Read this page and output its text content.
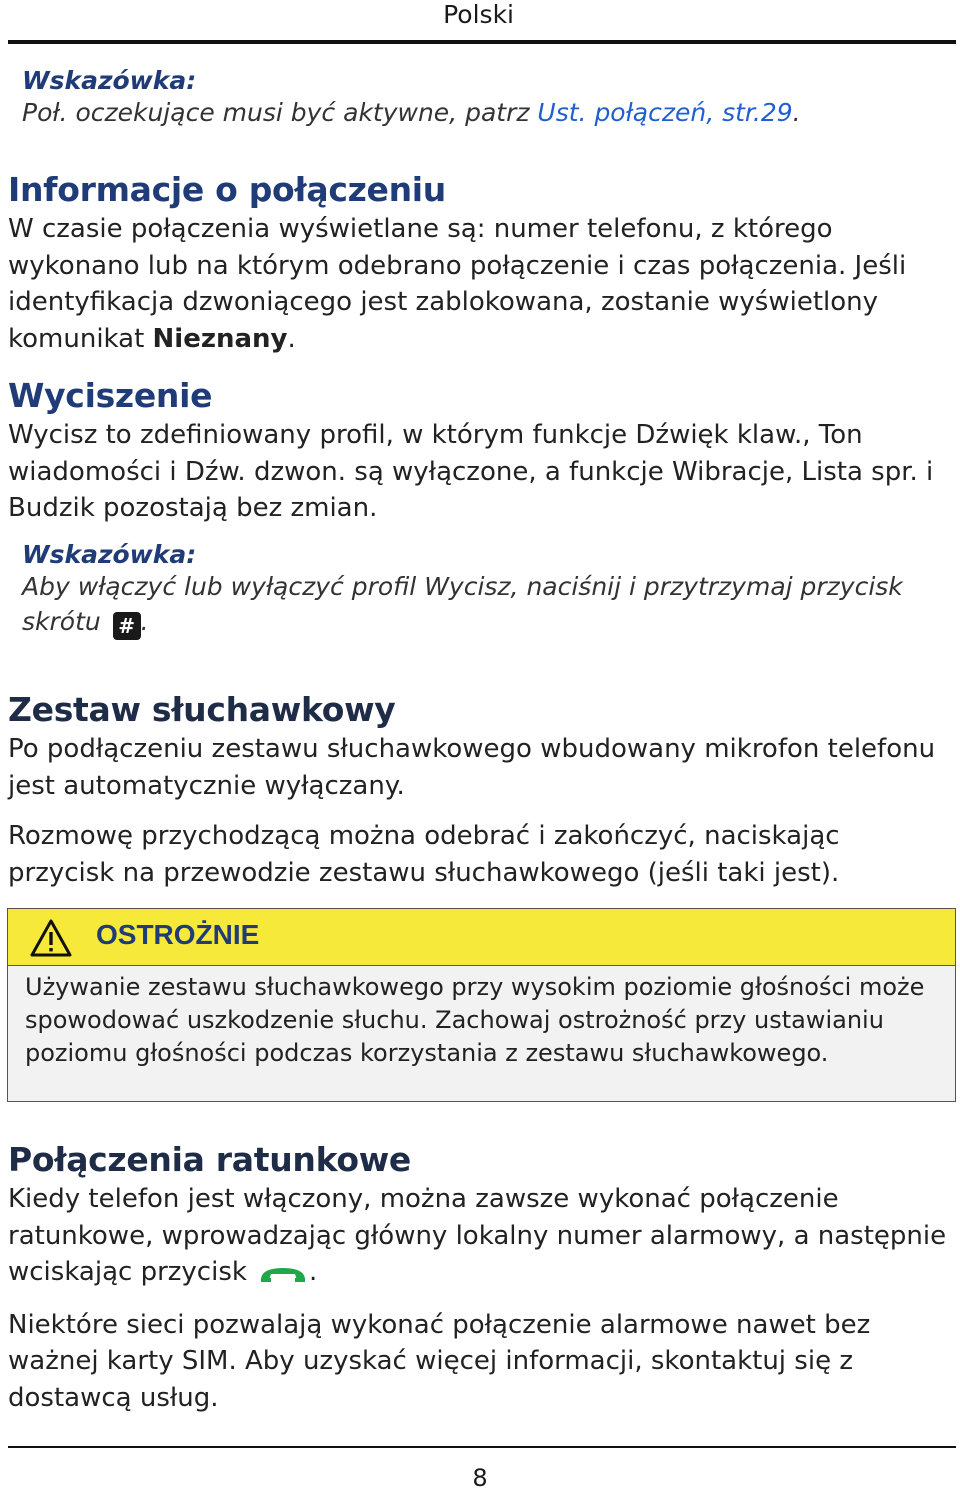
Polski
Wskazówka:
Poł. oczekujące musi być aktywne, patrz Ust. połączeń, str.29.
Informacje o połączeniu
W czasie połączenia wyświetlane są: numer telefonu, z którego wykonano lub na którym odebrano połączenie i czas połączenia. Jeśli identyfikacja dzwoniącego jest zablokowana, zostanie wyświetlony komunikat Nieznany.
Wyciszenie
Wycisz to zdefiniowany profil, w którym funkcje Dźwięk klaw., Ton wiadomości i Dźw. dzwon. są wyłączone, a funkcje Wibracje, Lista spr. i Budzik pozostają bez zmian.
Wskazówka:
Aby włączyć lub wyłączyć profil Wycisz, naciśnij i przytrzymaj przycisk skrótu # .
Zestaw słuchawkowy
Po podłączeniu zestawu słuchawkowego wbudowany mikrofon telefonu jest automatycznie wyłączany.
Rozmowę przychodzącą można odebrać i zakończyć, naciskając przycisk na przewodzie zestawu słuchawkowego (jeśli taki jest).
OSTROŻNIE
Używanie zestawu słuchawkowego przy wysokim poziomie głośności może spowodować uszkodzenie słuchu. Zachowaj ostrożność przy ustawianiu poziomu głośności podczas korzystania z zestawu słuchawkowego.
Połączenia ratunkowe
Kiedy telefon jest włączony, można zawsze wykonać połączenie ratunkowe, wprowadzając główny lokalny numer alarmowy, a następnie wciskając przycisk .
Niektóre sieci pozwalają wykonać połączenie alarmowe nawet bez ważnej karty SIM. Aby uzyskać więcej informacji, skontaktuj się z dostawcą usług.
8
